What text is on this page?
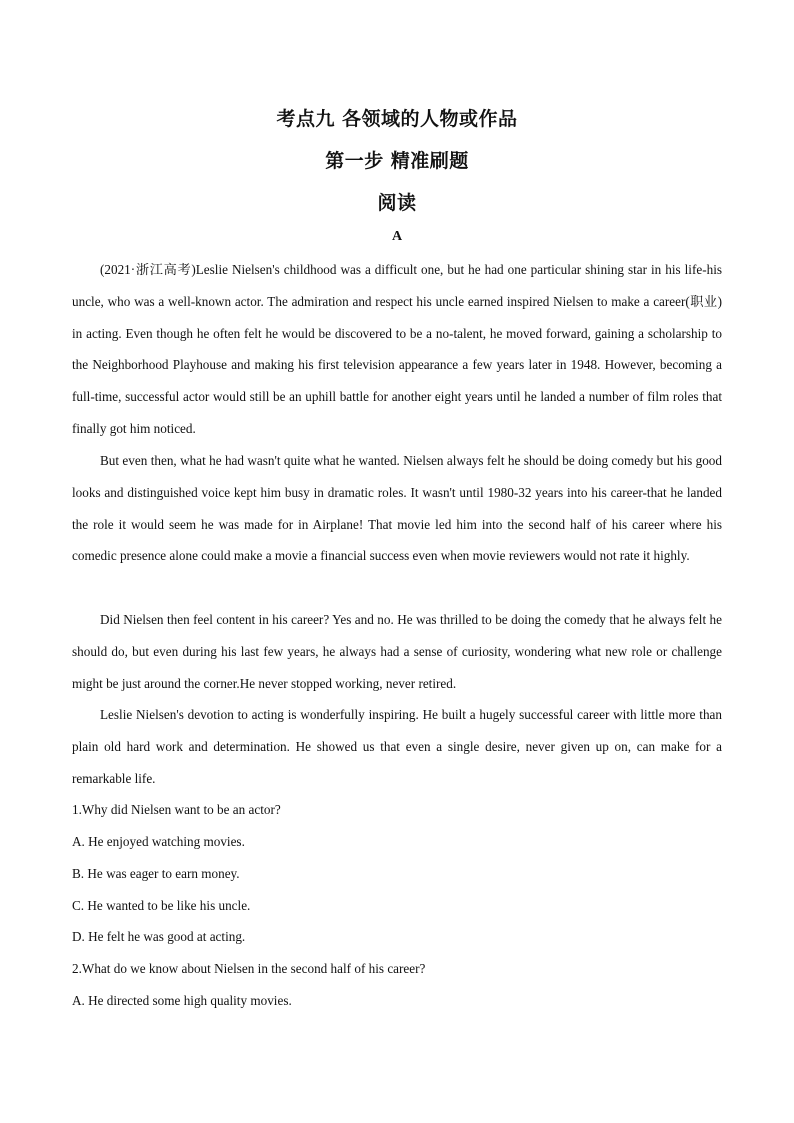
考点九 各领域的人物或作品
第一步 精准刷题
阅读
A

(2021·浙江高考)Leslie Nielsen's childhood was a difficult one, but he had one particular shining star in his life-his uncle, who was a well-known actor. The admiration and respect his uncle earned inspired Nielsen to make a career(职业) in acting. Even though he often felt he would be discovered to be a no-talent, he moved forward, gaining a scholarship to the Neighborhood Playhouse and making his first television appearance a few years later in 1948. However, becoming a full-time, successful actor would still be an uphill battle for another eight years until he landed a number of film roles that finally got him noticed.

But even then, what he had wasn't quite what he wanted. Nielsen always felt he should be doing comedy but his good looks and distinguished voice kept him busy in dramatic roles. It wasn't until 1980-32 years into his career-that he landed the role it would seem he was made for in Airplane! That movie led him into the second half of his career where his comedic presence alone could make a movie a financial success even when movie reviewers would not rate it highly.

Did Nielsen then feel content in his career? Yes and no. He was thrilled to be doing the comedy that he always felt he should do, but even during his last few years, he always had a sense of curiosity, wondering what new role or challenge might be just around the corner.He never stopped working, never retired.

Leslie Nielsen's devotion to acting is wonderfully inspiring. He built a hugely successful career with little more than plain old hard work and determination. He showed us that even a single desire, never given up on, can make for a remarkable life.

1.Why did Nielsen want to be an actor?
A. He enjoyed watching movies.
B. He was eager to earn money.
C. He wanted to be like his uncle.
D. He felt he was good at acting.
2.What do we know about Nielsen in the second half of his career?
A. He directed some high quality movies.
